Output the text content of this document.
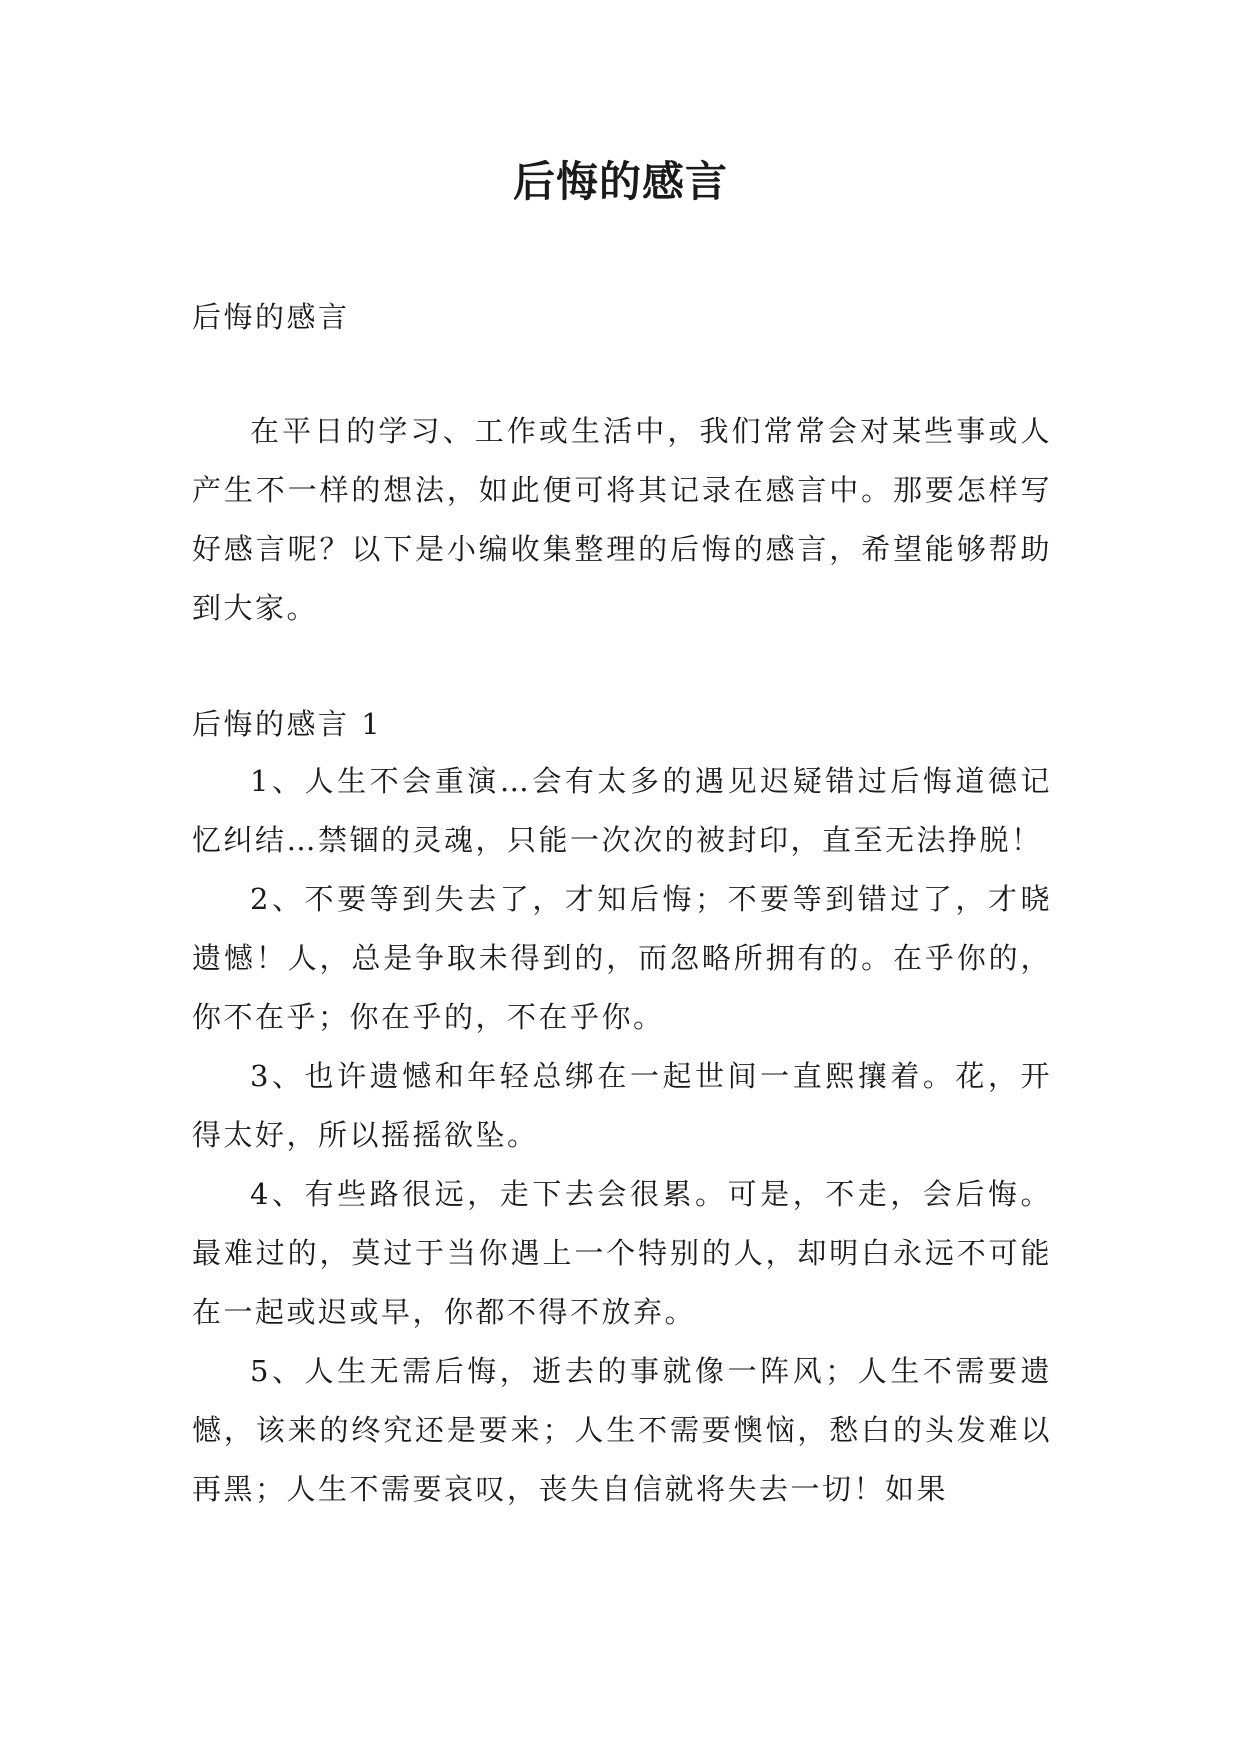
后悔的感言

后悔的感言

在平日的学习、工作或生活中，我们常常会对某些事或人产生不一样的想法，如此便可将其记录在感言中。那要怎样写好感言呢？以下是小编收集整理的后悔的感言，希望能够帮助到大家。

后悔的感言 1

1、人生不会重演…会有太多的遇见迟疑错过后悔道德记忆纠结…禁锢的灵魂，只能一次次的被封印，直至无法挣脱！

2、不要等到失去了，才知后悔；不要等到错过了，才晓遗憾！人，总是争取未得到的，而忽略所拥有的。在乎你的，你不在乎；你在乎的，不在乎你。

3、也许遗憾和年轻总绑在一起世间一直熙攘着。花，开得太好，所以摇摇欲坠。

4、有些路很远，走下去会很累。可是，不走，会后悔。最难过的，莫过于当你遇上一个特别的人，却明白永远不可能在一起或迟或早，你都不得不放弃。

5、人生无需后悔，逝去的事就像一阵风；人生不需要遗憾，该来的终究还是要来；人生不需要懊恼，愁白的头发难以再黑；人生不需要哀叹，丧失自信就将失去一切！如果
